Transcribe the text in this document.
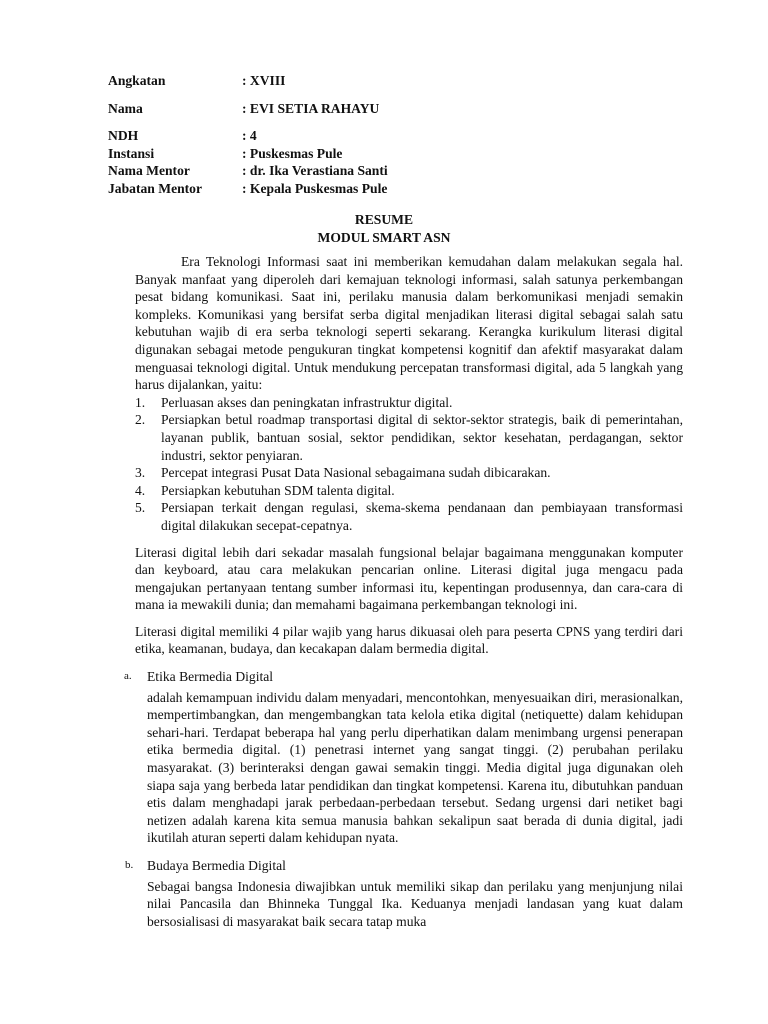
Angkatan	: XVIII
Nama	: EVI SETIA RAHAYU
NDH	: 4
Instansi	: Puskesmas Pule
Nama Mentor	: dr. Ika Verastiana Santi
Jabatan Mentor	: Kepala Puskesmas Pule
RESUME
MODUL SMART ASN

Era Teknologi Informasi saat ini memberikan kemudahan dalam melakukan segala hal. Banyak manfaat yang diperoleh dari kemajuan teknologi informasi, salah satunya perkembangan pesat bidang komunikasi. Saat ini, perilaku manusia dalam berkomunikasi menjadi semakin kompleks. Komunikasi yang bersifat serba digital menjadikan literasi digital sebagai salah satu kebutuhan wajib di era serba teknologi seperti sekarang. Kerangka kurikulum literasi digital digunakan sebagai metode pengukuran tingkat kompetensi kognitif dan afektif masyarakat dalam menguasai teknologi digital. Untuk mendukung percepatan transformasi digital, ada 5 langkah yang harus dijalankan, yaitu:

1. Perluasan akses dan peningkatan infrastruktur digital.
2. Persiapkan betul roadmap transportasi digital di sektor-sektor strategis, baik di pemerintahan, layanan publik, bantuan sosial, sektor pendidikan, sektor kesehatan, perdagangan, sektor industri, sektor penyiaran.
3. Percepat integrasi Pusat Data Nasional sebagaimana sudah dibicarakan.
4. Persiapkan kebutuhan SDM talenta digital.
5. Persiapan terkait dengan regulasi, skema-skema pendanaan dan pembiayaan transformasi digital dilakukan secepat-cepatnya.

Literasi digital lebih dari sekadar masalah fungsional belajar bagaimana menggunakan komputer dan keyboard, atau cara melakukan pencarian online. Literasi digital juga mengacu pada mengajukan pertanyaan tentang sumber informasi itu, kepentingan produsennya, dan cara-cara di mana ia mewakili dunia; dan memahami bagaimana perkembangan teknologi ini.

Literasi digital memiliki 4 pilar wajib yang harus dikuasai oleh para peserta CPNS yang terdiri dari etika, keamanan, budaya, dan kecakapan dalam bermedia digital.

a.	Etika Bermedia Digital

adalah kemampuan individu dalam menyadari, mencontohkan, menyesuaikan diri, merasionalkan, mempertimbangkan, dan mengembangkan tata kelola etika digital (netiquette) dalam kehidupan sehari-hari. Terdapat beberapa hal yang perlu diperhatikan dalam menimbang urgensi penerapan etika bermedia digital. (1) penetrasi internet yang sangat tinggi. (2) perubahan perilaku masyarakat. (3) berinteraksi dengan gawai semakin tinggi. Media digital juga digunakan oleh siapa saja yang berbeda latar pendidikan dan tingkat kompetensi. Karena itu, dibutuhkan panduan etis dalam menghadapi jarak perbedaan-perbedaan tersebut. Sedang urgensi dari netiket bagi netizen adalah karena kita semua manusia bahkan sekalipun saat berada di dunia digital, jadi ikutilah aturan seperti dalam kehidupan nyata.

b.	Budaya Bermedia Digital

Sebagai bangsa Indonesia diwajibkan untuk memiliki sikap dan perilaku yang menjunjung nilai nilai Pancasila dan Bhinneka Tunggal Ika. Keduanya menjadi landasan yang kuat dalam bersosialisasi di masyarakat baik secara tatap muka
